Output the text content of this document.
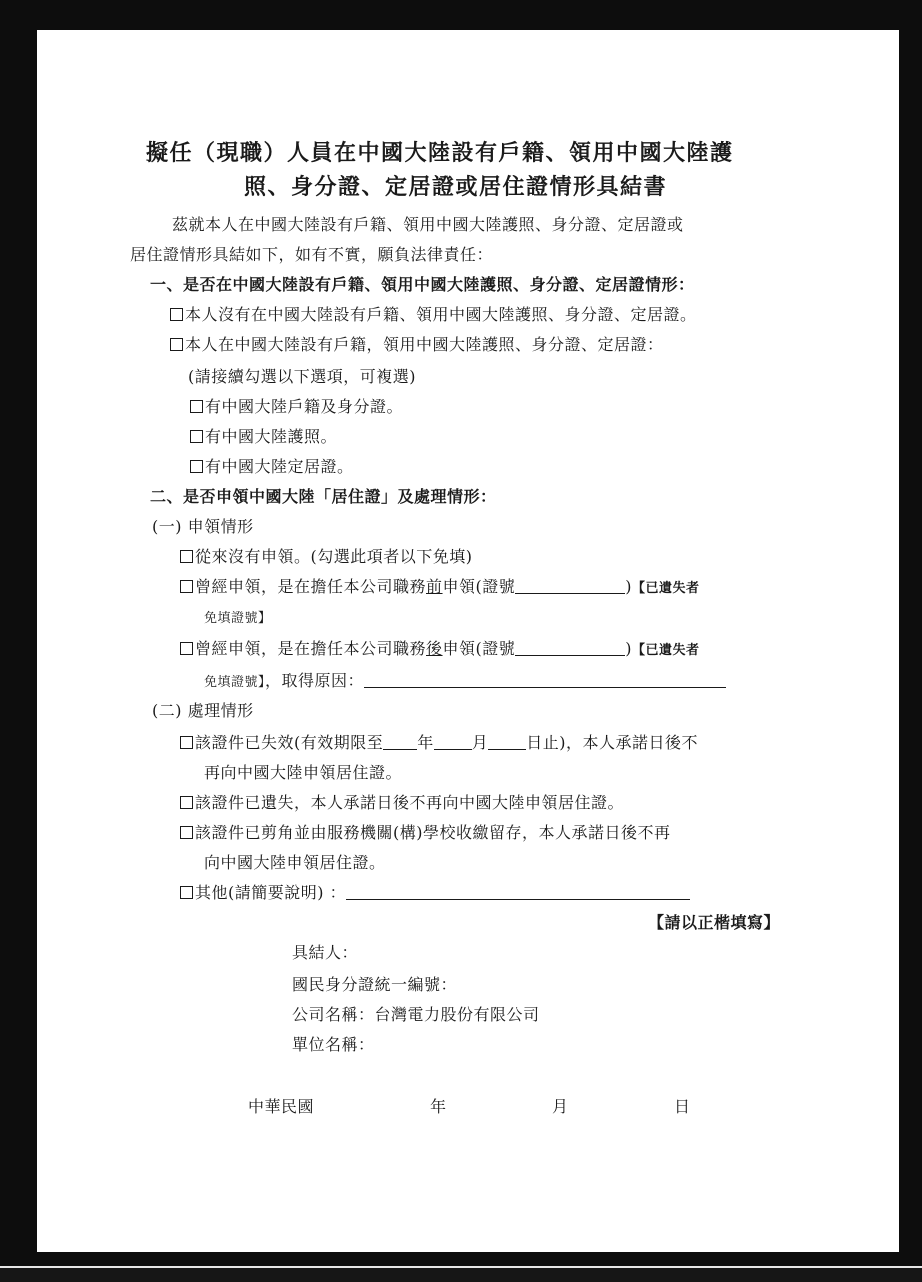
擬任（現職）人員在中國大陸設有戶籍、領用中國大陸護
照、身分證、定居證或居住證情形具結書
茲就本人在中國大陸設有戶籍、領用中國大陸護照、身分證、定居證或
居住證情形具結如下，如有不實，願負法律責任：
一、是否在中國大陸設有戶籍、領用中國大陸護照、身分證、定居證情形：
本人沒有在中國大陸設有戶籍、領用中國大陸護照、身分證、定居證。
本人在中國大陸設有戶籍，領用中國大陸護照、身分證、定居證：
(請接續勾選以下選項，可複選)
有中國大陸戶籍及身分證。
有中國大陸護照。
有中國大陸定居證。
二、是否申領中國大陸「居住證」及處理情形：
(一) 申領情形
從來沒有申領。(勾選此項者以下免填)
曾經申領，是在擔任本公司職務前申領(證號	)【已遺失者
免填證號】
曾經申領，是在擔任本公司職務後申領(證號	)【已遺失者
免填證號】，取得原因：
(二) 處理情形
該證件已失效(有效期限至 年 月 日止)，本人承諾日後不
再向中國大陸申領居住證。
該證件已遺失，本人承諾日後不再向中國大陸申領居住證。
該證件已剪角並由服務機關(構)學校收繳留存，本人承諾日後不再
向中國大陸申領居住證。
其他(請簡要說明) ：
【請以正楷填寫】
具結人：
國民身分證統一編號：
公司名稱：台灣電力股份有限公司
單位名稱：
中華民國	年	月	日
